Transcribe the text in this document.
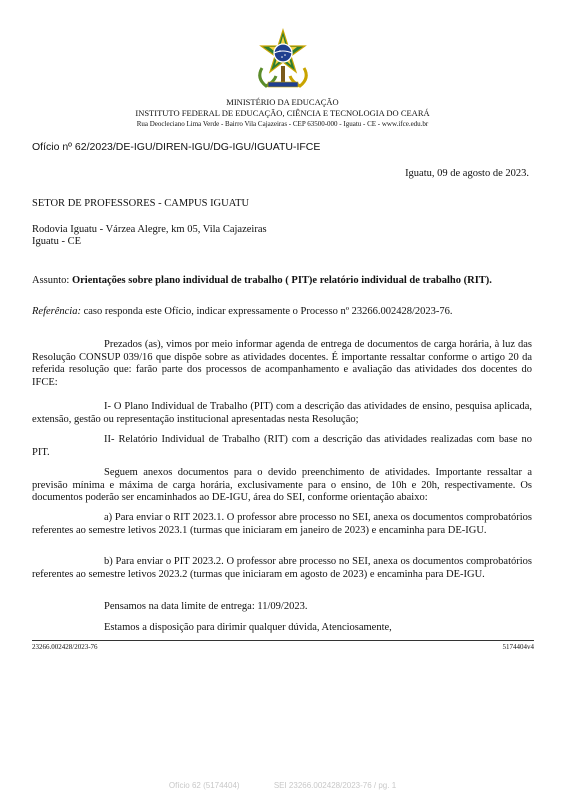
MINISTÉRIO DA EDUCAÇÃO
INSTITUTO FEDERAL DE EDUCAÇÃO, CIÊNCIA E TECNOLOGIA DO CEARÁ
Rua Deocleciano Lima Verde - Bairro Vila Cajazeiras - CEP 63500-000 - Iguatu - CE - www.ifce.edu.br
Ofício nº 62/2023/DE-IGU/DIREN-IGU/DG-IGU/IGUATU-IFCE
Iguatu, 09 de agosto de 2023.
SETOR DE PROFESSORES - CAMPUS IGUATU
Rodovia Iguatu - Várzea Alegre, km 05, Vila Cajazeiras
Iguatu - CE
Assunto: Orientações sobre plano individual de trabalho ( PIT)e relatório individual de trabalho (RIT).
Referência: caso responda este Ofício, indicar expressamente o Processo nº 23266.002428/2023-76.
Prezados (as), vimos por meio informar agenda de entrega de documentos de carga horária, à luz das Resolução CONSUP 039/16 que dispõe sobre as atividades docentes. É importante ressaltar conforme o artigo 20 da referida resolução que: farão parte dos processos de acompanhamento e avaliação das atividades dos docentes do IFCE:
I- O Plano Individual de Trabalho (PIT) com a descrição das atividades de ensino, pesquisa aplicada, extensão, gestão ou representação institucional apresentadas nesta Resolução;
II- Relatório Individual de Trabalho (RIT) com a descrição das atividades realizadas com base no PIT.
Seguem anexos documentos para o devido preenchimento de atividades. Importante ressaltar a previsão mínima e máxima de carga horária, exclusivamente para o ensino, de 10h e 20h, respectivamente. Os documentos poderão ser encaminhados ao DE-IGU, área do SEI, conforme orientação abaixo:
a) Para enviar o RIT 2023.1. O professor abre processo no SEI, anexa os documentos comprobatórios referentes ao semestre letivos 2023.1 (turmas que iniciaram em janeiro de 2023) e encaminha para DE-IGU.
b) Para enviar o PIT 2023.2. O professor abre processo no SEI, anexa os documentos comprobatórios referentes ao semestre letivos 2023.2 (turmas que iniciaram em agosto de 2023) e encaminha para DE-IGU.
Pensamos na data limite de entrega: 11/09/2023.
Estamos a disposição para dirimir qualquer dúvida, Atenciosamente,
23266.002428/2023-76	5174404v4
Ofício 62 (5174404)	SEI 23266.002428/2023-76 / pg. 1
